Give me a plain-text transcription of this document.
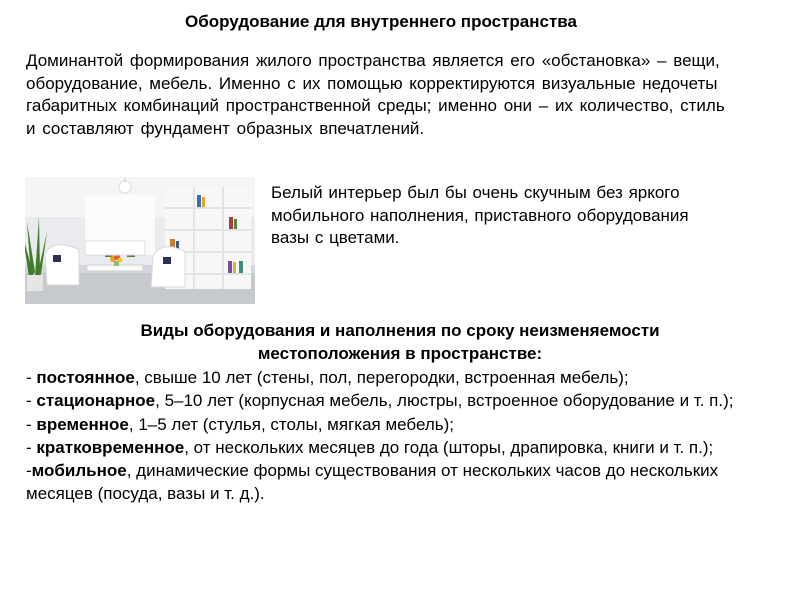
Оборудование для внутреннего пространства
Доминантой формирования жилого пространства является его «обстановка» – вещи, оборудование, мебель. Именно с их помощью корректируются визуальные недочеты габаритных комбинаций пространственной среды; именно они – их количество, стиль и составляют фундамент образных впечатлений.
Белый интерьер был бы очень скучным без яркого мобильного наполнения, приставного оборудования вазы с цветами.
Виды оборудования и наполнения по сроку неизменяемости
местоположения в пространстве:
- постоянное, свыше 10 лет (стены, пол, перегородки, встроенная мебель);
- стационарное, 5–10 лет (корпусная мебель, люстры, встроенное оборудование и т. п.);
- временное, 1–5 лет (стулья, столы, мягкая мебель);
- кратковременное, от нескольких месяцев до года (шторы, драпировка, книги и т. п.);
-мобильное, динамические формы существования от нескольких часов до нескольких месяцев (посуда, вазы и т. д.).
